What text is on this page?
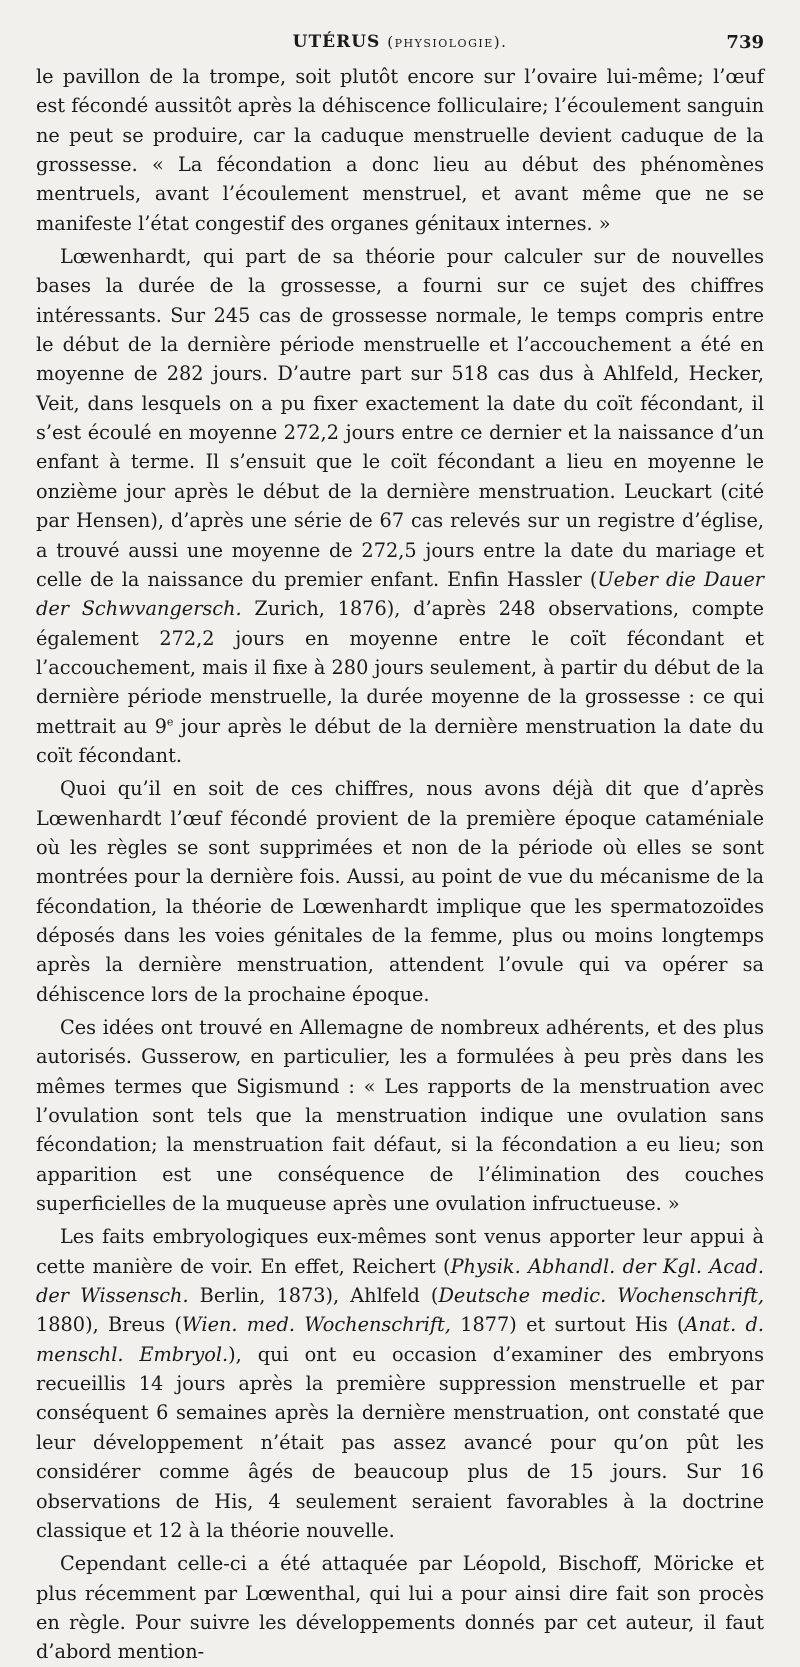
UTÉRUS (physiologie).	739

le pavillon de la trompe, soit plutôt encore sur l’ovaire lui-même; l’œuf est fécondé aussitôt après la déhiscence folliculaire; l’écoulement sanguin ne peut se produire, car la caduque menstruelle devient caduque de la grossesse. « La fécondation a donc lieu au début des phénomènes mentruels, avant l’écoulement menstruel, et avant même que ne se manifeste l’état congestif des organes génitaux internes. »

Lœwenhardt, qui part de sa théorie pour calculer sur de nouvelles bases la durée de la grossesse, a fourni sur ce sujet des chiffres intéressants. Sur 245 cas de grossesse normale, le temps compris entre le début de la dernière période menstruelle et l’accouchement a été en moyenne de 282 jours. D’autre part sur 518 cas dus à Ahlfeld, Hecker, Veit, dans lesquels on a pu fixer exactement la date du coït fécondant, il s’est écoulé en moyenne 272,2 jours entre ce dernier et la naissance d’un enfant à terme. Il s’ensuit que le coït fécondant a lieu en moyenne le onzième jour après le début de la dernière menstruation. Leuckart (cité par Hensen), d’après une série de 67 cas relevés sur un registre d’église, a trouvé aussi une moyenne de 272,5 jours entre la date du mariage et celle de la naissance du premier enfant. Enfin Hassler (Ueber die Dauer der Schwvangersch. Zurich, 1876), d’après 248 observations, compte également 272,2 jours en moyenne entre le coït fécondant et l’accouchement, mais il fixe à 280 jours seulement, à partir du début de la dernière période menstruelle, la durée moyenne de la grossesse : ce qui mettrait au 9e jour après le début de la dernière menstruation la date du coït fécondant.

Quoi qu’il en soit de ces chiffres, nous avons déjà dit que d’après Lœwenhardt l’œuf fécondé provient de la première époque cataméniale où les règles se sont supprimées et non de la période où elles se sont montrées pour la dernière fois. Aussi, au point de vue du mécanisme de la fécondation, la théorie de Lœwenhardt implique que les spermatozoïdes déposés dans les voies génitales de la femme, plus ou moins longtemps après la dernière menstruation, attendent l’ovule qui va opérer sa déhiscence lors de la prochaine époque.

Ces idées ont trouvé en Allemagne de nombreux adhérents, et des plus autorisés. Gusserow, en particulier, les a formulées à peu près dans les mêmes termes que Sigismund : « Les rapports de la menstruation avec l’ovulation sont tels que la menstruation indique une ovulation sans fécondation; la menstruation fait défaut, si la fécondation a eu lieu; son apparition est une conséquence de l’élimination des couches superficielles de la muqueuse après une ovulation infructueuse. »

Les faits embryologiques eux-mêmes sont venus apporter leur appui à cette manière de voir. En effet, Reichert (Physik. Abhandl. der Kgl. Acad. der Wissensch. Berlin, 1873), Ahlfeld (Deutsche medic. Wochenschrift, 1880), Breus (Wien. med. Wochenschrift, 1877) et surtout His (Anat. d. menschl. Embryol.), qui ont eu occasion d’examiner des embryons recueillis 14 jours après la première suppression menstruelle et par conséquent 6 semaines après la dernière menstruation, ont constaté que leur développement n’était pas assez avancé pour qu’on pût les considérer comme âgés de beaucoup plus de 15 jours. Sur 16 observations de His, 4 seulement seraient favorables à la doctrine classique et 12 à la théorie nouvelle.

Cependant celle-ci a été attaquée par Léopold, Bischoff, Möricke et plus récemment par Lœwenthal, qui lui a pour ainsi dire fait son procès en règle. Pour suivre les développements donnés par cet auteur, il faut d’abord mention-
